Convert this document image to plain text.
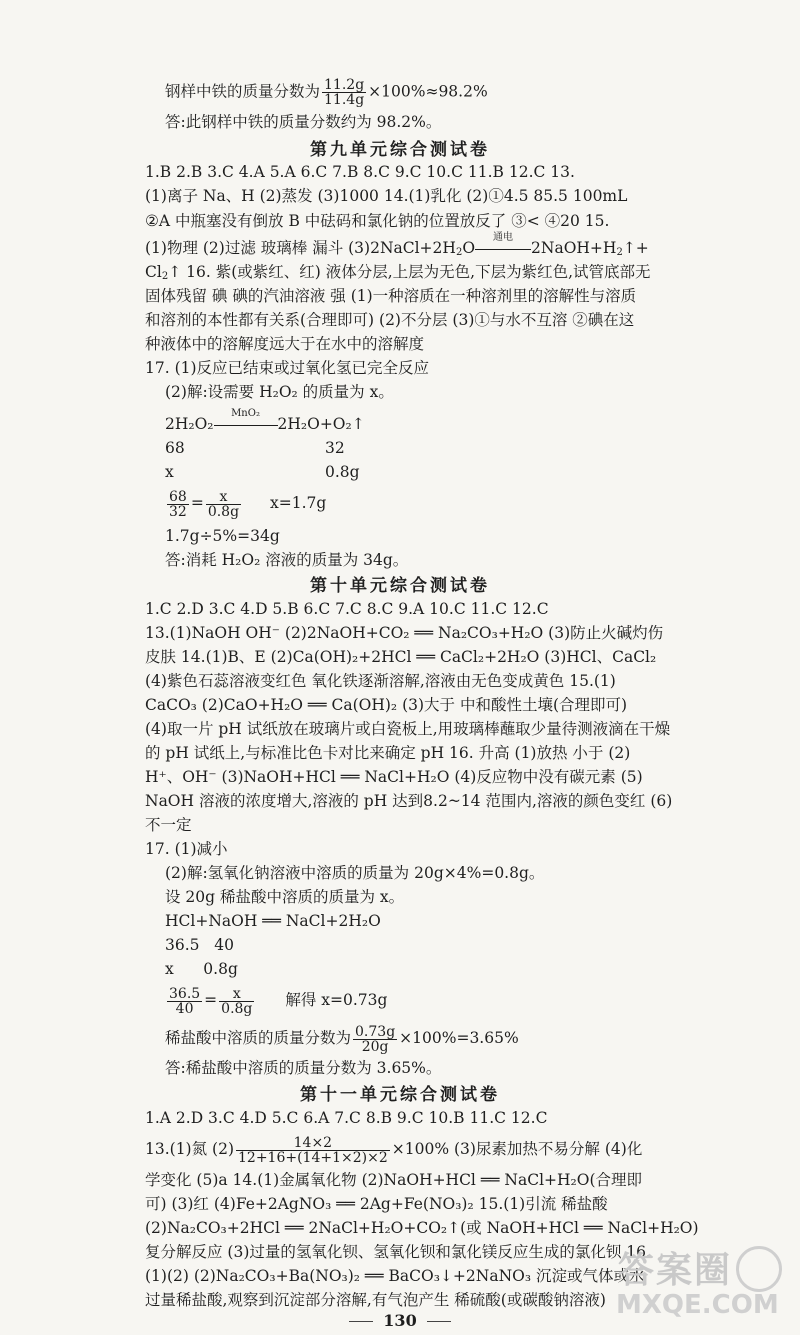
钢样中铁的质量分数为 $\frac{11.2g}{11.4g} \times 100\%\approx 98.2\%$
答:此钢样中铁的质量分数约为 98.2%。
第九单元综合测试卷
1.B 2.B 3.C 4.A 5.A 6.C 7.B 8.C 9.C 10.C 11.B 12.C 13.
(1)离子 Na、H (2)蒸发 (3)1000 14.(1)乳化 (2)①4.5 85.5 100mL
②A 中瓶塞没有倒放 B 中砝码和氯化钠的位置放反了 ③< ④20 15.
(1)物理 (2)过滤 玻璃棒 漏斗 $(3)2NaCl+2H_2O$
通电
$2NaOH+H_2↑+$
$Cl_2↑$ 16. 紫(或紫红、红) 液体分层,上层为无色,下层为紫红色,试管底部无
固体残留 碘 碘的汽油溶液 强 (1)一种溶质在一种溶剂里的溶解性与溶质
和溶剂的本性都有关系(合理即可) (2)不分层 (3)①与水不互溶 ②碘在这
种液体中的溶解度远大于在水中的溶解度
17. (1)反应已结束或过氧化氢已完全反应
(2)解:设需要 H₂O₂ 的质量为 x。
2H₂O₂
MnO₂
2H₂O+O₂↑
68	32
x	0.8g
$\frac{68}{32} = \frac{x}{0.8g} x=1.7g$
1.7g÷5%=34g
答:消耗 H₂O₂ 溶液的质量为 34g。
第十单元综合测试卷
1.C 2.D 3.C 4.D 5.B 6.C 7.C 8.C 9.A 10.C 11.C 12.C
13.(1)NaOH OH⁻ (2)2NaOH+CO₂ ══ Na₂CO₃+H₂O (3)防止火碱灼伤
皮肤 14.(1)B、E (2)Ca(OH)₂+2HCl ══ CaCl₂+2H₂O (3)HCl、CaCl₂
(4)紫色石蕊溶液变红色 氧化铁逐渐溶解,溶液由无色变成黄色 15.(1)
CaCO₃ (2)CaO+H₂O ══ Ca(OH)₂ (3)大于 中和酸性土壤(合理即可)
(4)取一片 pH 试纸放在玻璃片或白瓷板上,用玻璃棒蘸取少量待测液滴在干燥
的 pH 试纸上,与标准比色卡对比来确定 pH 16. 升高 (1)放热 小于 (2)
H⁺、OH⁻ (3)NaOH+HCl ══ NaCl+H₂O (4)反应物中没有碳元素 (5)
NaOH 溶液的浓度增大,溶液的 pH 达到8.2~14 范围内,溶液的颜色变红 (6)
不一定
17. (1)减小
(2)解:氢氧化钠溶液中溶质的质量为 20g×4%=0.8g。
设 20g 稀盐酸中溶质的质量为 x。
HCl+NaOH ══ NaCl+2H₂O
36.5   40
x      0.8g
$\frac{36.5}{40} = \frac{x}{0.8g}$ 解得 x=0.73g
稀盐酸中溶质的质量分数为 $\frac{0.73g}{20g} \times 100\%=3.65\%$
答:稀盐酸中溶质的质量分数为 3.65%。
第十一单元综合测试卷
1.A 2.D 3.C 4.D 5.C 6.A 7.C 8.B 9.C 10.B 11.C 12.C
13.(1)氮 $(2) \frac{14\times 2}{12+16+(14+1\times 2)\times 2} \times 100\%$ (3)尿素加热不易分解 (4)化
学变化 (5)a 14.(1)金属氧化物 (2)NaOH+HCl ══ NaCl+H₂O(合理即
可) (3)红 (4)Fe+2AgNO₃ ══ 2Ag+Fe(NO₃)₂ 15.(1)引流 稀盐酸
(2)Na₂CO₃+2HCl ══ 2NaCl+H₂O+CO₂↑(或 NaOH+HCl ══ NaCl+H₂O)
复分解反应 (3)过量的氢氧化钡、氢氧化钡和氯化镁反应生成的氯化钡 16.
(1)(2) (2)Na₂CO₃+Ba(NO₃)₂ ══ BaCO₃↓+2NaNO₃ 沉淀或气体或水
过量稀盐酸,观察到沉淀部分溶解,有气泡产生 稀硫酸(或碳酸钠溶液)
130
答案圈
MXQE.COM
